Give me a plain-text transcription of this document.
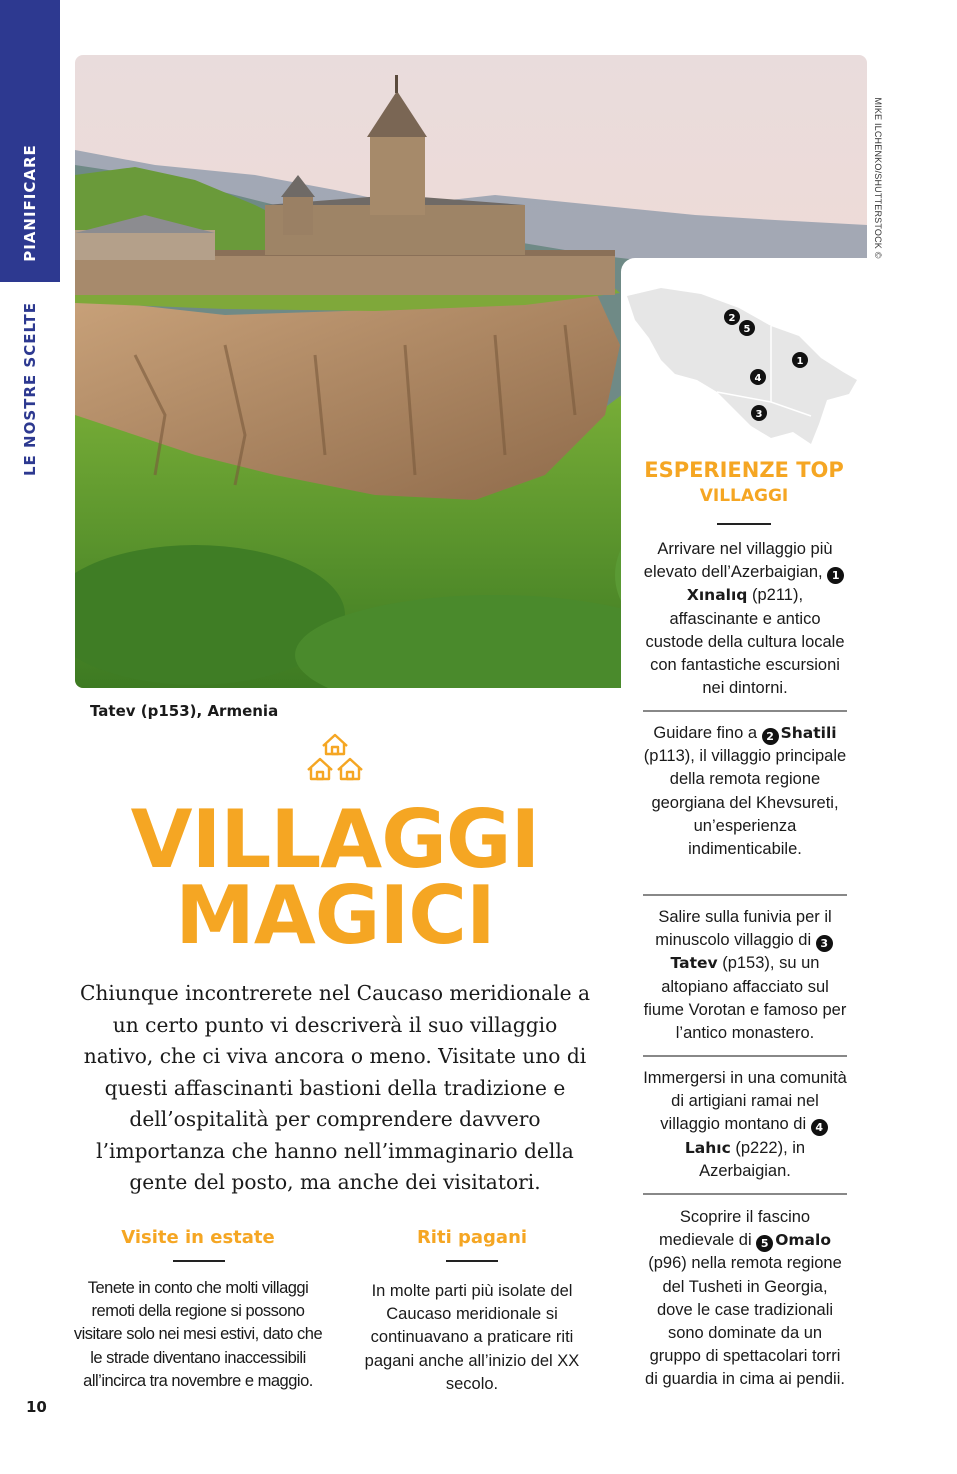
PIANIFICARE
LE NOSTRE SCELTE
MIKE ILCHENKO/SHUTTERSTOCK ©
Tatev (p153), Armenia
2
5
1
4
3
ESPERIENZE TOP
VILLAGGI
Arrivare nel villaggio più elevato dell’Azerbaigian, 1Xınalıq (p211), affascinante e antico custode della cultura locale con fantastiche escursioni nei dintorni.
Guidare fino a 2 Shatili (p113), il villaggio principale della remota regione georgiana del Khevsureti, un’esperienza indimenticabile.
Salire sulla funivia per il minuscolo villaggio di 3Tatev (p153), su un altopiano affacciato sul fiume Vorotan e famoso per l’antico monastero.
Immergersi in una comunità di artigiani ramai nel villaggio montano di 4Lahıc (p222), in Azerbaigian.
Scoprire il fascino medievale di 5 Omalo (p96) nella remota regione del Tusheti in Georgia, dove le case tradizionali sono dominate da un gruppo di spettacolari torri di guardia in cima ai pendii.
VILLAGGI
MAGICI
Chiunque incontrerete nel Caucaso meridionale a un certo punto vi descriverà il suo villaggio nativo, che ci viva ancora o meno. Visitate uno di questi affascinanti bastioni della tradizione e dell’ospitalità per comprendere davvero l’importanza che hanno nell’immaginario della gente del posto, ma anche dei visitatori.
Visite in estate
Tenete in conto che molti villaggi remoti della regione si possono visitare solo nei mesi estivi, dato che le strade diventano inaccessibili all’incirca tra novembre e maggio.
Riti pagani
In molte parti più isolate del Caucaso meridionale si continuavano a praticare riti pagani anche all’inizio del XX secolo.
10
